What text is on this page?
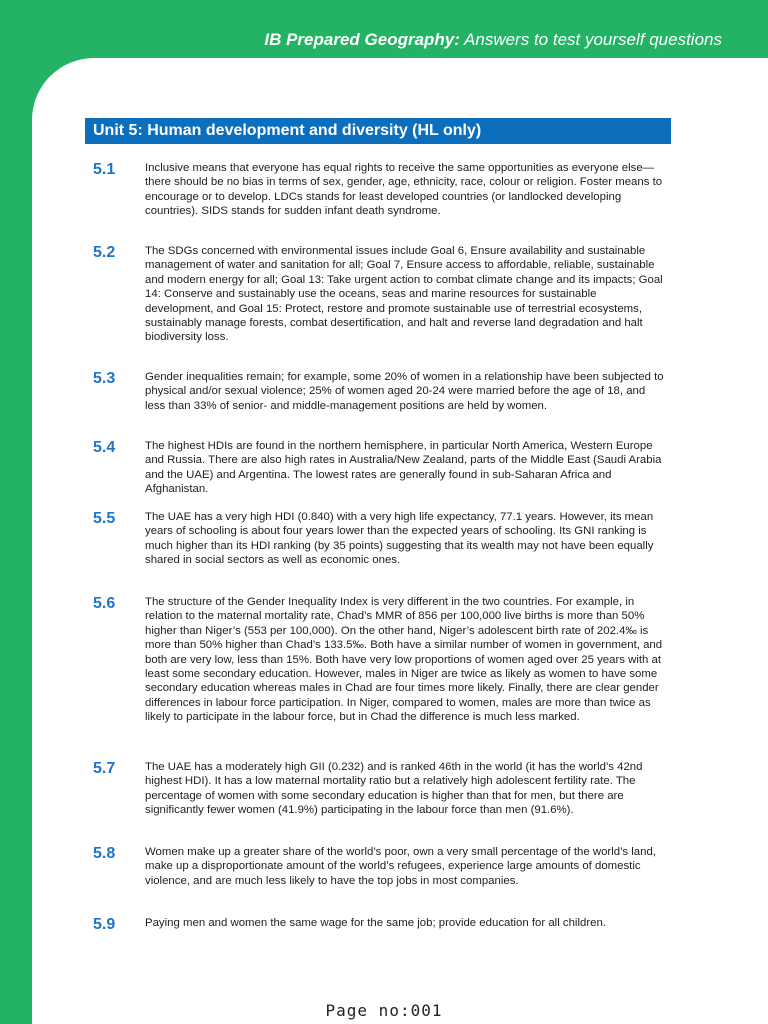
IB Prepared Geography: Answers to test yourself questions
Unit 5: Human development and diversity (HL only)
5.1	Inclusive means that everyone has equal rights to receive the same opportunities as everyone else—there should be no bias in terms of sex, gender, age, ethnicity, race, colour or religion. Foster means to encourage or to develop. LDCs stands for least developed countries (or landlocked developing countries). SIDS stands for sudden infant death syndrome.

5.2	The SDGs concerned with environmental issues include Goal 6, Ensure availability and sustainable management of water and sanitation for all; Goal 7, Ensure access to affordable, reliable, sustainable and modern energy for all; Goal 13: Take urgent action to combat climate change and its impacts; Goal 14: Conserve and sustainably use the oceans, seas and marine resources for sustainable development, and Goal 15: Protect, restore and promote sustainable use of terrestrial ecosystems, sustainably manage forests, combat desertification, and halt and reverse land degradation and halt biodiversity loss.

5.3	Gender inequalities remain; for example, some 20% of women in a relationship have been subjected to physical and/or sexual violence; 25% of women aged 20-24 were married before the age of 18, and less than 33% of senior- and middle-management positions are held by women.

5.4	The highest HDIs are found in the northern hemisphere, in particular North America, Western Europe and Russia. There are also high rates in Australia/New Zealand, parts of the Middle East (Saudi Arabia and the UAE) and Argentina. The lowest rates are generally found in sub-Saharan Africa and Afghanistan.

5.5	The UAE has a very high HDI (0.840) with a very high life expectancy, 77.1 years. However, its mean years of schooling is about four years lower than the expected years of schooling. Its GNI ranking is much higher than its HDI ranking (by 35 points) suggesting that its wealth may not have been equally shared in social sectors as well as economic ones.

5.6	The structure of the Gender Inequality Index is very different in the two countries. For example, in relation to the maternal mortality rate, Chad’s MMR of 856 per 100,000 live births is more than 50% higher than Niger’s (553 per 100,000). On the other hand, Niger’s adolescent birth rate of 202.4‰ is more than 50% higher than Chad’s 133.5‰. Both have a similar number of women in government, and both are very low, less than 15%. Both have very low proportions of women aged over 25 years with at least some secondary education. However, males in Niger are twice as likely as women to have some secondary education whereas males in Chad are four times more likely. Finally, there are clear gender differences in labour force participation. In Niger, compared to women, males are more than twice as likely to participate in the labour force, but in Chad the difference is much less marked.

5.7	The UAE has a moderately high GII (0.232) and is ranked 46th in the world (it has the world’s 42nd highest HDI). It has a low maternal mortality ratio but a relatively high adolescent fertility rate. The percentage of women with some secondary education is higher than that for men, but there are significantly fewer women (41.9%) participating in the labour force than men (91.6%).

5.8	Women make up a greater share of the world’s poor, own a very small percentage of the world’s land, make up a disproportionate amount of the world’s refugees, experience large amounts of domestic violence, and are much less likely to have the top jobs in most companies.

5.9	Paying men and women the same wage for the same job; provide education for all children.

Page no:001
